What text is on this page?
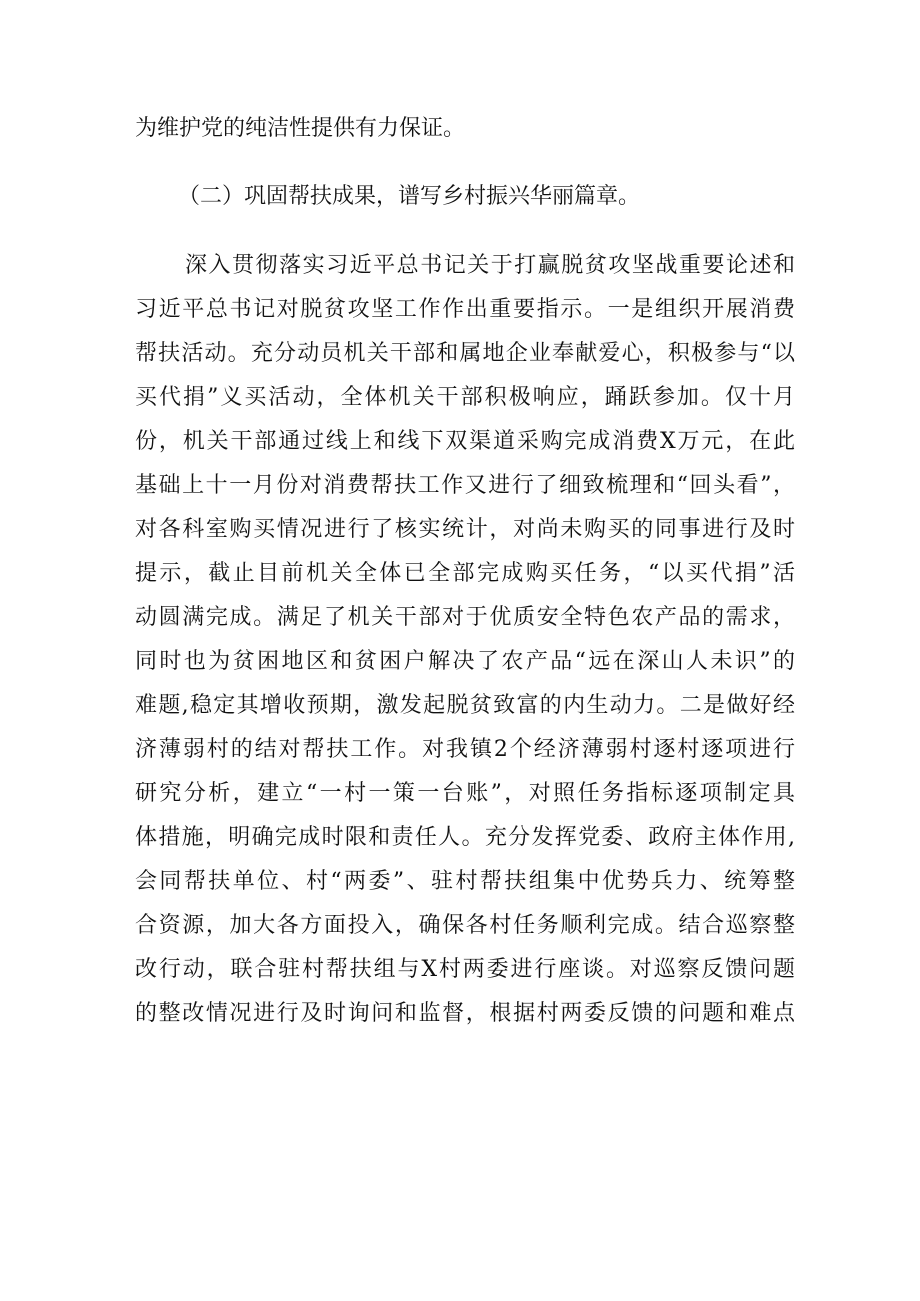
为维护党的纯洁性提供有力保证。
（二）巩固帮扶成果，谱写乡村振兴华丽篇章。
深入贯彻落实习近平总书记关于打赢脱贫攻坚战重要论述和
习近平总书记对脱贫攻坚工作作出重要指示。一是组织开展消费
帮扶活动。充分动员机关干部和属地企业奉献爱心，积极参与“以
买代捐”义买活动，全体机关干部积极响应，踊跃参加。仅十月
份，机关干部通过线上和线下双渠道采购完成消费X万元，在此
基础上十一月份对消费帮扶工作又进行了细致梳理和“回头看”，
对各科室购买情况进行了核实统计，对尚未购买的同事进行及时
提示，截止目前机关全体已全部完成购买任务，“以买代捐”活
动圆满完成。满足了机关干部对于优质安全特色农产品的需求，
同时也为贫困地区和贫困户解决了农产品“远在深山人未识”的
难题,稳定其增收预期，激发起脱贫致富的内生动力。二是做好经
济薄弱村的结对帮扶工作。对我镇2个经济薄弱村逐村逐项进行
研究分析，建立“一村一策一台账”，对照任务指标逐项制定具
体措施，明确完成时限和责任人。充分发挥党委、政府主体作用,
会同帮扶单位、村“两委”、驻村帮扶组集中优势兵力、统筹整
合资源，加大各方面投入，确保各村任务顺利完成。结合巡察整
改行动，联合驻村帮扶组与X村两委进行座谈。对巡察反馈问题
的整改情况进行及时询问和监督，根据村两委反馈的问题和难点
